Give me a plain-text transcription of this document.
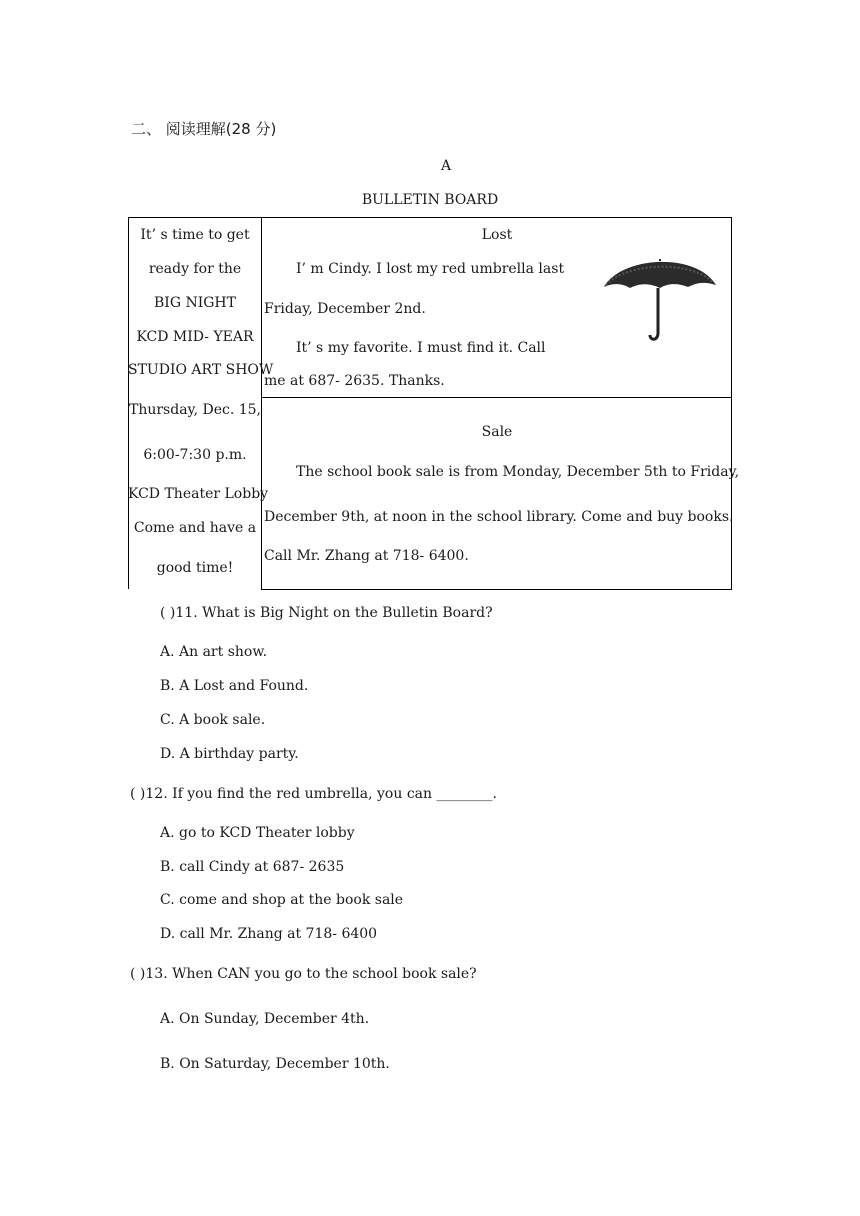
二、 阅读理解(28 分)
A
BULLETIN BOARD
It’ s time to get
ready for the
BIG NIGHT
KCD MID- YEAR
STUDIO ART SHOW
Thursday, Dec. 15,
6:00-7:30 p.m.
KCD Theater Lobby
Come and have a
good time!
Lost
I’ m Cindy. I lost my red umbrella last
Friday, December 2nd.
It’ s my favorite. I must find it. Call
me at 687- 2635. Thanks.
Sale
The school book sale is from Monday, December 5th to Friday,
December 9th, at noon in the school library. Come and buy books.
Call Mr. Zhang at 718- 6400.
( )11. What is Big Night on the Bulletin Board?
A. An art show.
B. A Lost and Found.
C. A book sale.
D. A birthday party.
( )12. If you find the red umbrella, you can ________.
A. go to KCD Theater lobby
B. call Cindy at 687- 2635
C. come and shop at the book sale
D. call Mr. Zhang at 718- 6400
( )13. When CAN you go to the school book sale?
A. On Sunday, December 4th.
B. On Saturday, December 10th.
